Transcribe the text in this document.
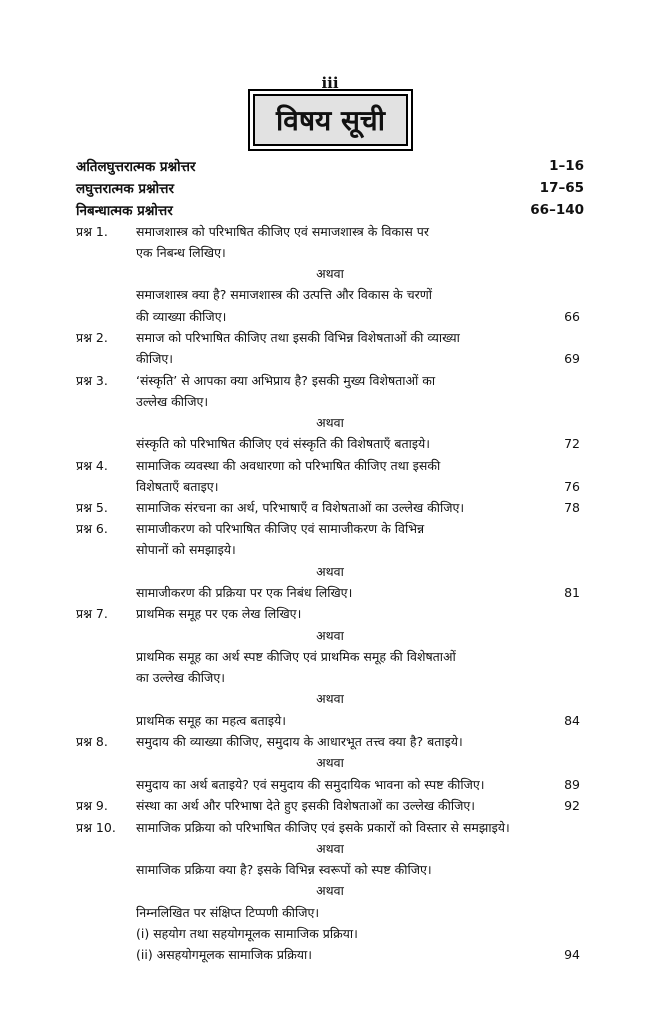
iii
विषय सूची
अतिलघुत्तरात्मक प्रश्नोत्तर	1–16
लघुत्तरात्मक प्रश्नोत्तर	17–65
निबन्धात्मक प्रश्नोत्तर	66–140
प्रश्न 1. समाजशास्त्र को परिभाषित कीजिए एवं समाजशास्त्र के विकास पर
एक निबन्ध लिखिए।
अथवा
समाजशास्त्र क्या है? समाजशास्त्र की उत्पत्ति और विकास के चरणों
की व्याख्या कीजिए।	66
प्रश्न 2. समाज को परिभाषित कीजिए तथा इसकी विभिन्न विशेषताओं की व्याख्या
कीजिए।	69
प्रश्न 3. ‘संस्कृति’ से आपका क्या अभिप्राय है? इसकी मुख्य विशेषताओं का
उल्लेख कीजिए।
अथवा
संस्कृति को परिभाषित कीजिए एवं संस्कृति की विशेषताएँ बताइये।	72
प्रश्न 4. सामाजिक व्यवस्था की अवधारणा को परिभाषित कीजिए तथा इसकी
विशेषताएँ बताइए।	76
प्रश्न 5. सामाजिक संरचना का अर्थ, परिभाषाएँ व विशेषताओं का उल्लेख कीजिए।	78
प्रश्न 6. सामाजीकरण को परिभाषित कीजिए एवं सामाजीकरण के विभिन्न
सोपानों को समझाइये।
अथवा
सामाजीकरण की प्रक्रिया पर एक निबंध लिखिए।	81
प्रश्न 7. प्राथमिक समूह पर एक लेख लिखिए।
अथवा
प्राथमिक समूह का अर्थ स्पष्ट कीजिए एवं प्राथमिक समूह की विशेषताओं
का उल्लेख कीजिए।
अथवा
प्राथमिक समूह का महत्व बताइये।	84
प्रश्न 8. समुदाय की व्याख्या कीजिए, समुदाय के आधारभूत तत्त्व क्या है? बताइये।
अथवा
समुदाय का अर्थ बताइये? एवं समुदाय की समुदायिक भावना को स्पष्ट कीजिए।	89
प्रश्न 9. संस्था का अर्थ और परिभाषा देते हुए इसकी विशेषताओं का उल्लेख कीजिए।	92
प्रश्न 10. सामाजिक प्रक्रिया को परिभाषित कीजिए एवं इसके प्रकारों को विस्तार से समझाइये।
अथवा
सामाजिक प्रक्रिया क्या है? इसके विभिन्न स्वरूपों को स्पष्ट कीजिए।
अथवा
निम्नलिखित पर संक्षिप्त टिप्पणी कीजिए।
(i) सहयोग तथा सहयोगमूलक सामाजिक प्रक्रिया।
(ii) असहयोगमूलक सामाजिक प्रक्रिया।	94
